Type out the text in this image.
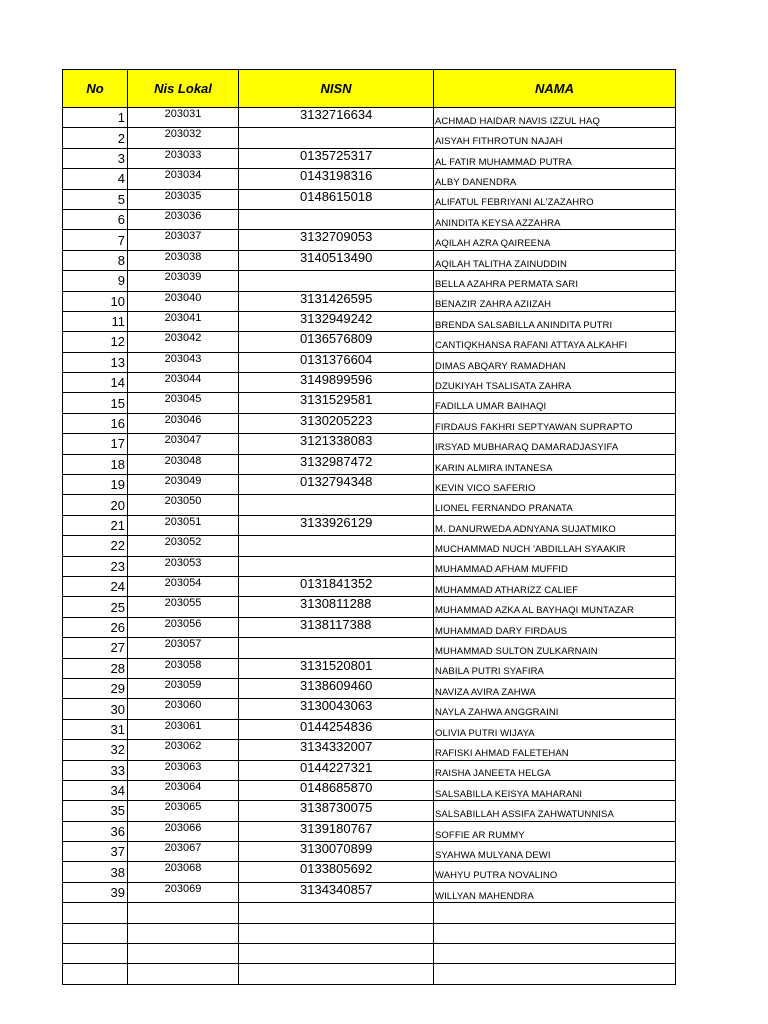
No	Nis Lokal	NISN	NAMA
1	203031	3132716634	ACHMAD HAIDAR NAVIS IZZUL HAQ
2	203032		AISYAH FITHROTUN NAJAH
3	203033	0135725317	AL FATIR MUHAMMAD PUTRA
4	203034	0143198316	ALBY DANENDRA
5	203035	0148615018	ALIFATUL FEBRIYANI AL'ZAZAHRO
6	203036		ANINDITA KEYSA AZZAHRA
7	203037	3132709053	AQILAH AZRA QAIREENA
8	203038	3140513490	AQILAH TALITHA ZAINUDDIN
9	203039		BELLA AZAHRA PERMATA SARI
10	203040	3131426595	BENAZIR ZAHRA AZIIZAH
11	203041	3132949242	BRENDA SALSABILLA ANINDITA PUTRI
12	203042	0136576809	CANTIQKHANSA RAFANI ATTAYA ALKAHFI
13	203043	0131376604	DIMAS ABQARY RAMADHAN
14	203044	3149899596	DZUKIYAH TSALISATA ZAHRA
15	203045	3131529581	FADILLA UMAR BAIHAQI
16	203046	3130205223	FIRDAUS FAKHRI SEPTYAWAN SUPRAPTO
17	203047	3121338083	IRSYAD MUBHARAQ DAMARADJASYIFA
18	203048	3132987472	KARIN ALMIRA INTANESA
19	203049	0132794348	KEVIN VICO SAFERIO
20	203050		LIONEL FERNANDO PRANATA
21	203051	3133926129	M. DANURWEDA ADNYANA SUJATMIKO
22	203052		MUCHAMMAD NUCH 'ABDILLAH SYAAKIR
23	203053		MUHAMMAD AFHAM MUFFID
24	203054	0131841352	MUHAMMAD ATHARIZZ CALIEF
25	203055	3130811288	MUHAMMAD AZKA AL BAYHAQI MUNTAZAR
26	203056	3138117388	MUHAMMAD DARY FIRDAUS
27	203057		MUHAMMAD SULTON ZULKARNAIN
28	203058	3131520801	NABILA PUTRI SYAFIRA
29	203059	3138609460	NAVIZA AVIRA ZAHWA
30	203060	3130043063	NAYLA ZAHWA ANGGRAINI
31	203061	0144254836	OLIVIA PUTRI WIJAYA
32	203062	3134332007	RAFISKI AHMAD FALETEHAN
33	203063	0144227321	RAISHA JANEETA HELGA
34	203064	0148685870	SALSABILLA KEISYA MAHARANI
35	203065	3138730075	SALSABILLAH ASSIFA ZAHWATUNNISA
36	203066	3139180767	SOFFIE AR RUMMY
37	203067	3130070899	SYAHWA MULYANA DEWI
38	203068	0133805692	WAHYU PUTRA NOVALINO
39	203069	3134340857	WILLYAN MAHENDRA
